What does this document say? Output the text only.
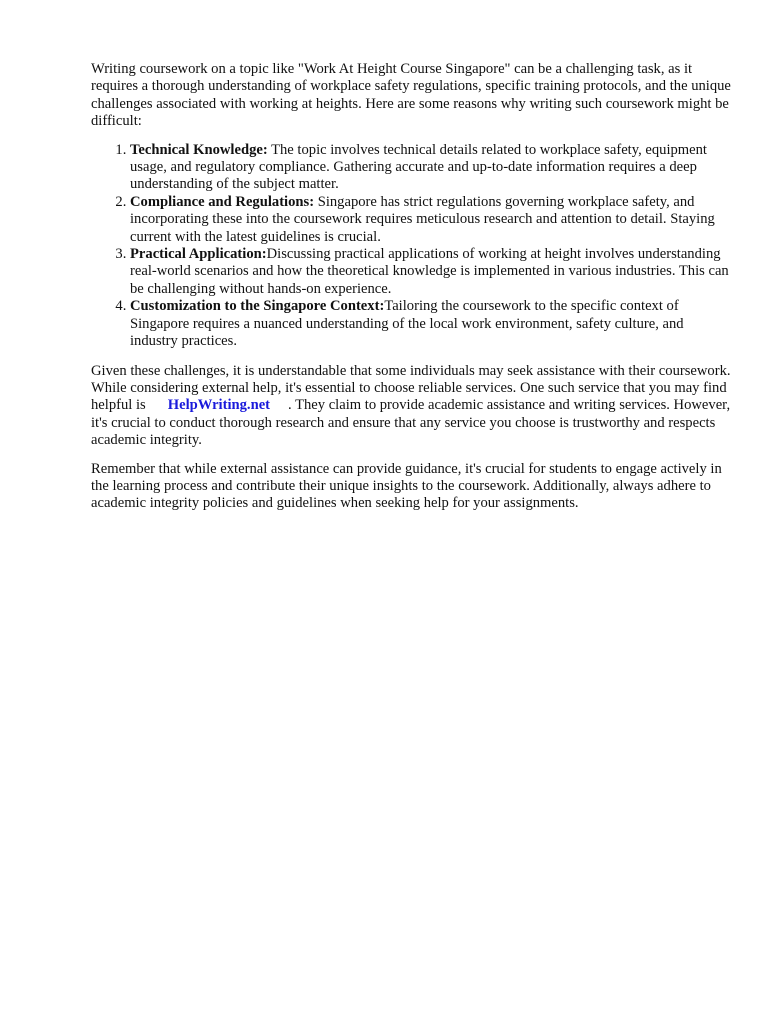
Writing coursework on a topic like "Work At Height Course Singapore" can be a challenging task, as it requires a thorough understanding of workplace safety regulations, specific training protocols, and the unique challenges associated with working at heights. Here are some reasons why writing such coursework might be difficult:

1. Technical Knowledge: The topic involves technical details related to workplace safety, equipment usage, and regulatory compliance. Gathering accurate and up-to-date information requires a deep understanding of the subject matter.
2. Compliance and Regulations: Singapore has strict regulations governing workplace safety, and incorporating these into the coursework requires meticulous research and attention to detail. Staying current with the latest guidelines is crucial.
3. Practical Application:Discussing practical applications of working at height involves understanding real-world scenarios and how the theoretical knowledge is implemented in various industries. This can be challenging without hands-on experience.
4. Customization to the Singapore Context:Tailoring the coursework to the specific context of Singapore requires a nuanced understanding of the local work environment, safety culture, and industry practices.

Given these challenges, it is understandable that some individuals may seek assistance with their coursework. While considering external help, it's essential to choose reliable services. One such service that you may find helpful is HelpWriting.net . They claim to provide academic assistance and writing services. However, it's crucial to conduct thorough research and ensure that any service you choose is trustworthy and respects academic integrity.

Remember that while external assistance can provide guidance, it's crucial for students to engage actively in the learning process and contribute their unique insights to the coursework. Additionally, always adhere to academic integrity policies and guidelines when seeking help for your assignments.
